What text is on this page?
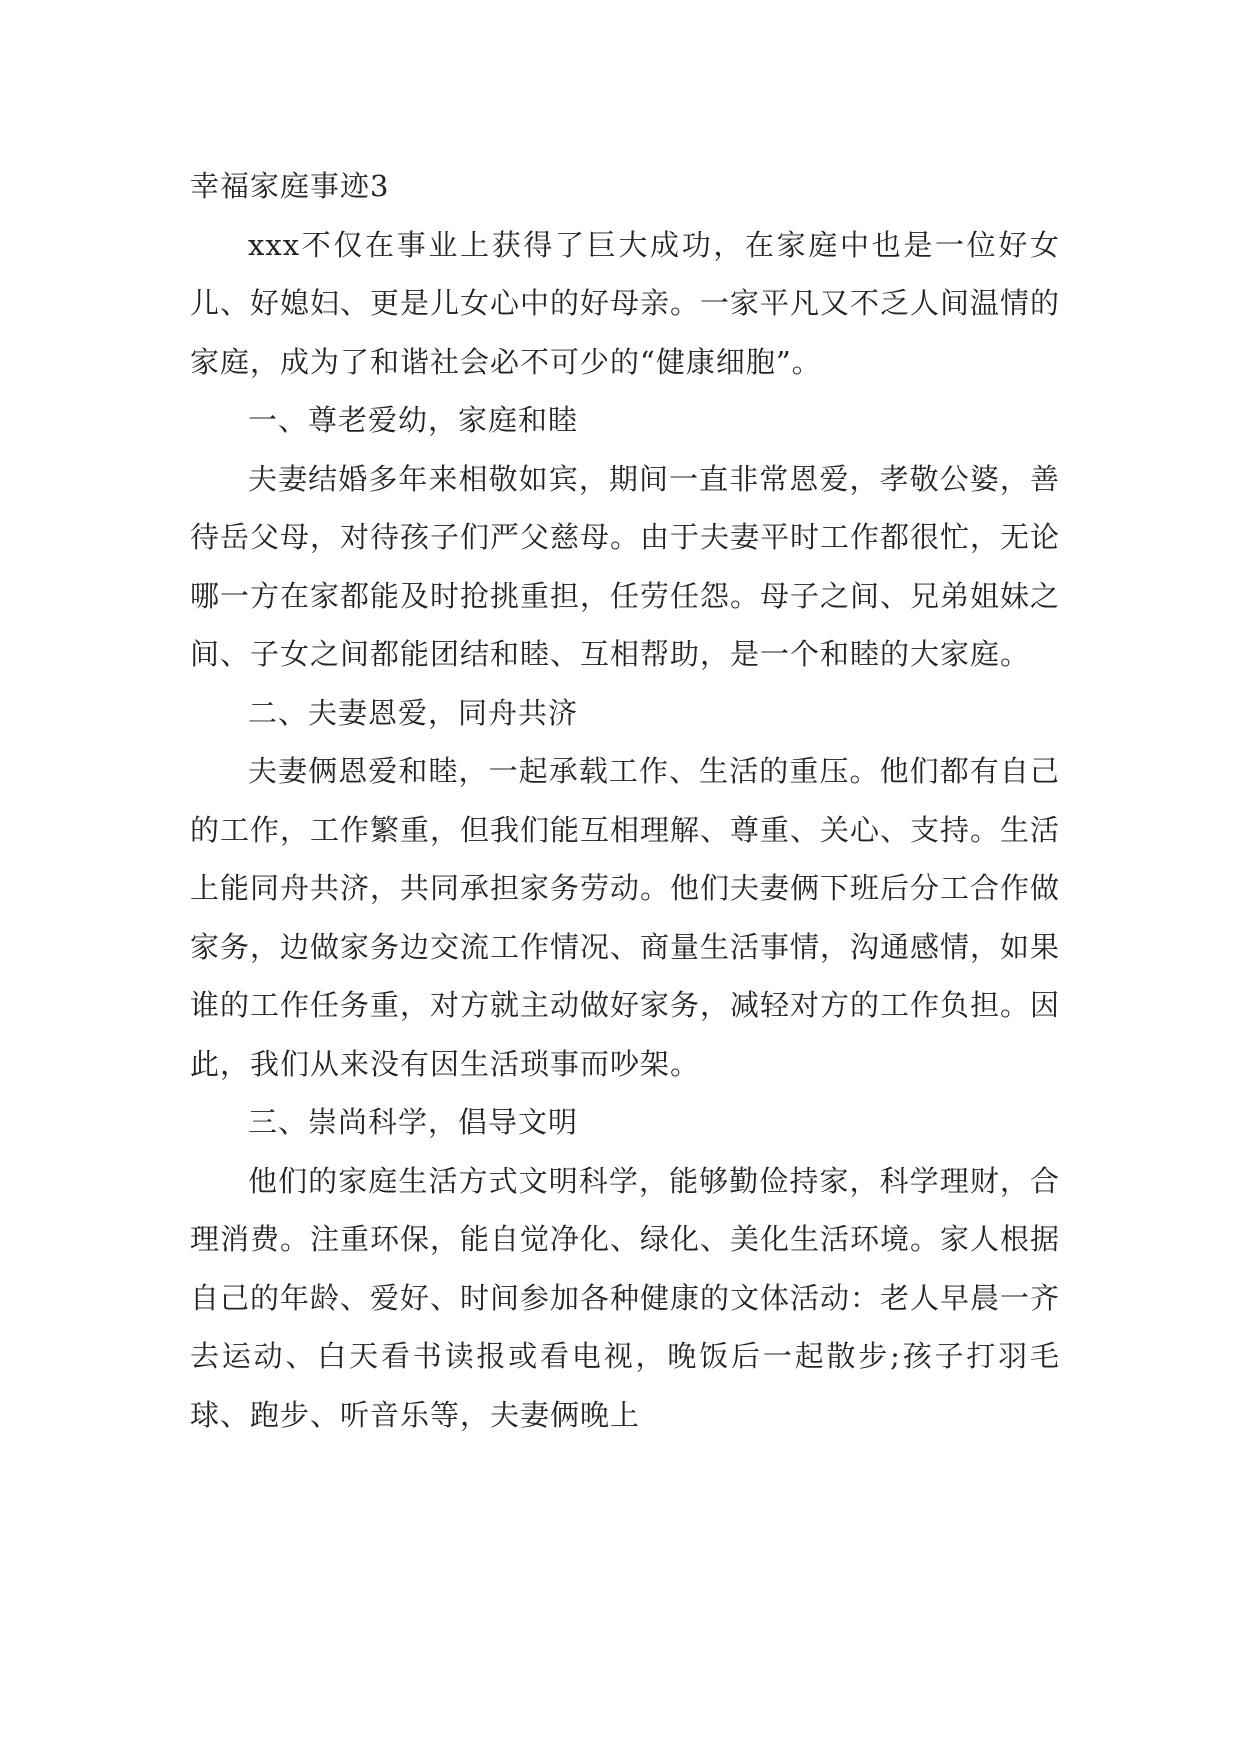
幸福家庭事迹3

xxx不仅在事业上获得了巨大成功，在家庭中也是一位好女儿、好媳妇、更是儿女心中的好母亲。一家平凡又不乏人间温情的家庭，成为了和谐社会必不可少的“健康细胞”。

一、尊老爱幼，家庭和睦

夫妻结婚多年来相敬如宾，期间一直非常恩爱，孝敬公婆，善待岳父母，对待孩子们严父慈母。由于夫妻平时工作都很忙，无论哪一方在家都能及时抢挑重担，任劳任怨。母子之间、兄弟姐妹之间、子女之间都能团结和睦、互相帮助，是一个和睦的大家庭。

二、夫妻恩爱，同舟共济

夫妻俩恩爱和睦，一起承载工作、生活的重压。他们都有自己的工作，工作繁重，但我们能互相理解、尊重、关心、支持。生活上能同舟共济，共同承担家务劳动。他们夫妻俩下班后分工合作做家务，边做家务边交流工作情况、商量生活事情，沟通感情，如果谁的工作任务重，对方就主动做好家务，减轻对方的工作负担。因此，我们从来没有因生活琐事而吵架。

三、崇尚科学，倡导文明

他们的家庭生活方式文明科学，能够勤俭持家，科学理财，合理消费。注重环保，能自觉净化、绿化、美化生活环境。家人根据自己的年龄、爱好、时间参加各种健康的文体活动：老人早晨一齐去运动、白天看书读报或看电视，晚饭后一起散步;孩子打羽毛球、跑步、听音乐等，夫妻俩晚上
